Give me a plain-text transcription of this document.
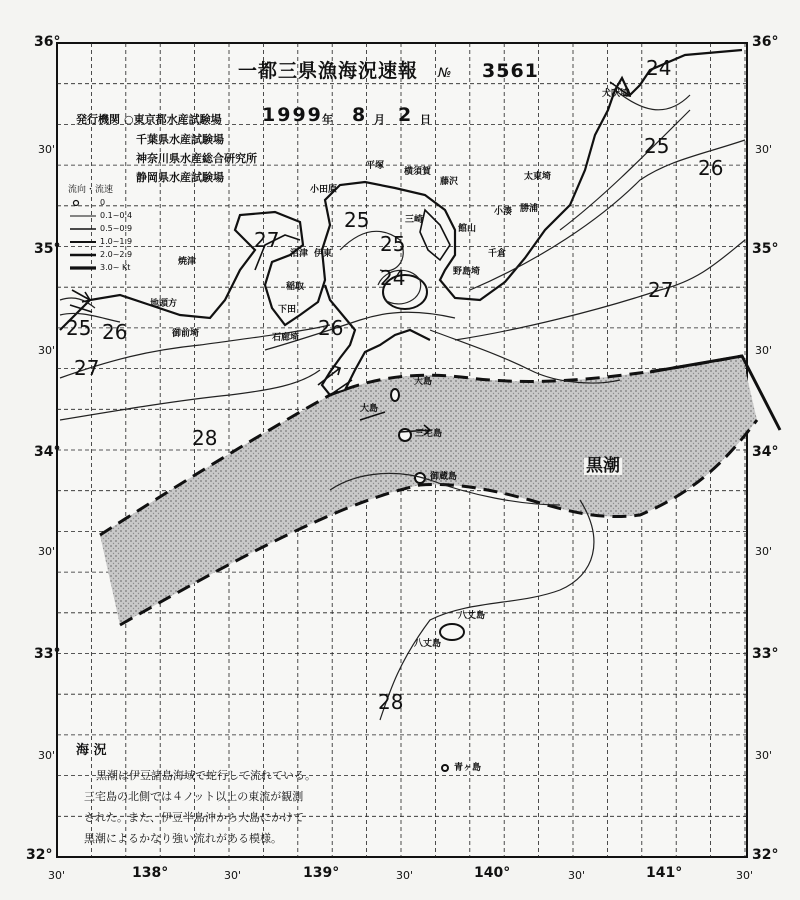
36°
30'
35°
30'
34°
30'
33°
30'
32°
36°
30'
35°
30'
34°
30'
33°
30'
32°
30'	138°	30'	139°	30'	140°	30'	141°	30'
一都三県漁海況速報 № 3561
発行機関 ○東京都水産試験場
千葉県水産試験場
神奈川県水産総合研究所
静岡県水産試験場
1999 年 8 月 2 日
流向・流速
0
0.1~0.4
0.5~0.9
1.0~1.9
2.0~2.9
3.0~ Kt
24
25
26
27
25
25
24
26
25 26
27
27
28
28
黒潮
犬吠埼
太東埼
勝浦
小湊
館山
野島埼
千倉
平塚
横須賀
藤沢
三崎
小田原
伊東
稲取
下田
石廊埼
沼津
焼津
地頭方
御前埼
大島
大島
三宅島
御蔵島
八丈島
八丈島
青ヶ島
海 況
黒潮は伊豆諸島海域で蛇行して流れている。
三宅島の北側では４ノット以上の東流が観測
された。また、伊豆半島沖から大島にかけて
黒潮によるかなり強い流れがある模様。
